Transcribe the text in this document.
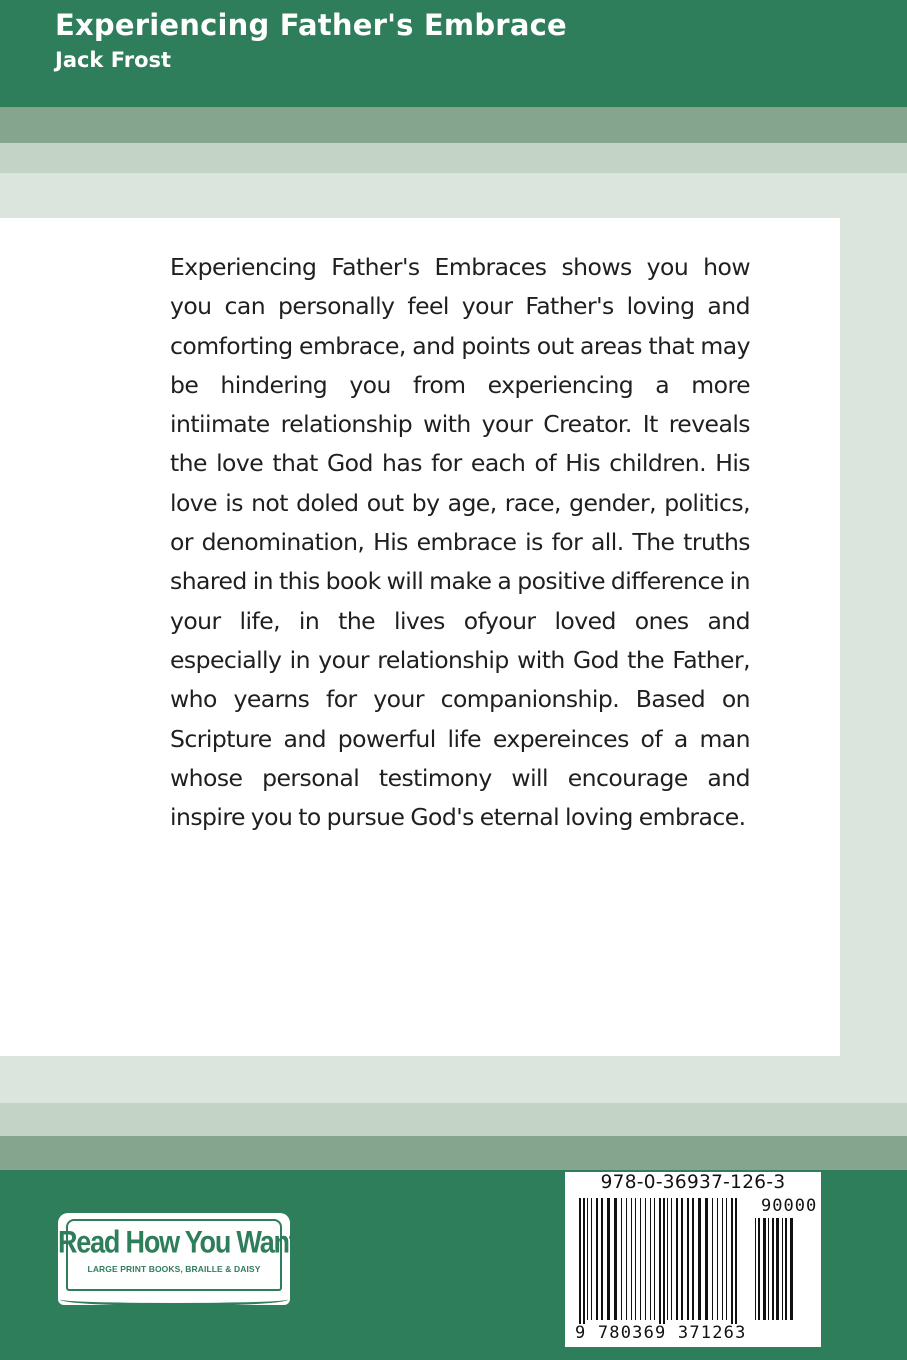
Experiencing Father's Embrace
Jack Frost

Experiencing Father's Embraces shows you how you can personally feel your Father's loving and comforting embrace, and points out areas that may be hindering you from experiencing a more intiimate relationship with your Creator. It reveals the love that God has for each of His children. His love is not doled out by age, race, gender, politics, or denomination, His embrace is for all. The truths shared in this book will make a positive difference in your life, in the lives ofyour loved ones and especially in your relationship with God the Father, who yearns for your companionship. Based on Scripture and powerful life expereinces of a man whose personal testimony will encourage and inspire you to pursue God's eternal loving embrace.

Read How You Want
LARGE PRINT BOOKS, BRAILLE & DAISY
978-0-36937-126-3
90000
9 780369 371263
